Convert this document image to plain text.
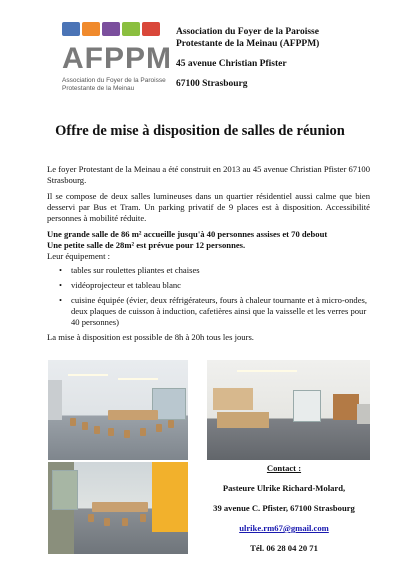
AFPPM
Association du Foyer de la Paroisse Protestante de la Meinau
Association du Foyer de la Paroisse
Protestante de la Meinau (AFPPM)
45 avenue Christian Pfister
67100 Strasbourg
Offre de mise à disposition de salles de réunion

Le foyer Protestant de la Meinau a été construit en 2013 au 45 avenue Christian Pfister 67100 Strasbourg.

Il se compose de deux salles lumineuses dans un quartier résidentiel aussi calme que bien desservi par Bus et Tram. Un parking privatif de 9 places est à disposition. Accessibilité personnes à mobilité réduite.

Une grande salle de 86 m² accueille jusqu'à 40 personnes assises et 70 debout

Une petite salle de 28m² est prévue pour 12 personnes.

Leur équipement :

• tables sur roulettes pliantes et chaises
• vidéoprojecteur et tableau blanc
• cuisine équipée (évier, deux réfrigérateurs, fours à chaleur tournante et à micro-ondes, deux plaques de cuisson à induction, cafetières ainsi que la vaisselle et les verres pour 40 personnes)

La mise à disposition est possible de 8h à 20h tous les jours.

Contact :
Pasteure Ulrike Richard-Molard,
39 avenue C. Pfister, 67100 Strasbourg
ulrike.rm67@gmail.com
Tél. 06 28 04 20 71
